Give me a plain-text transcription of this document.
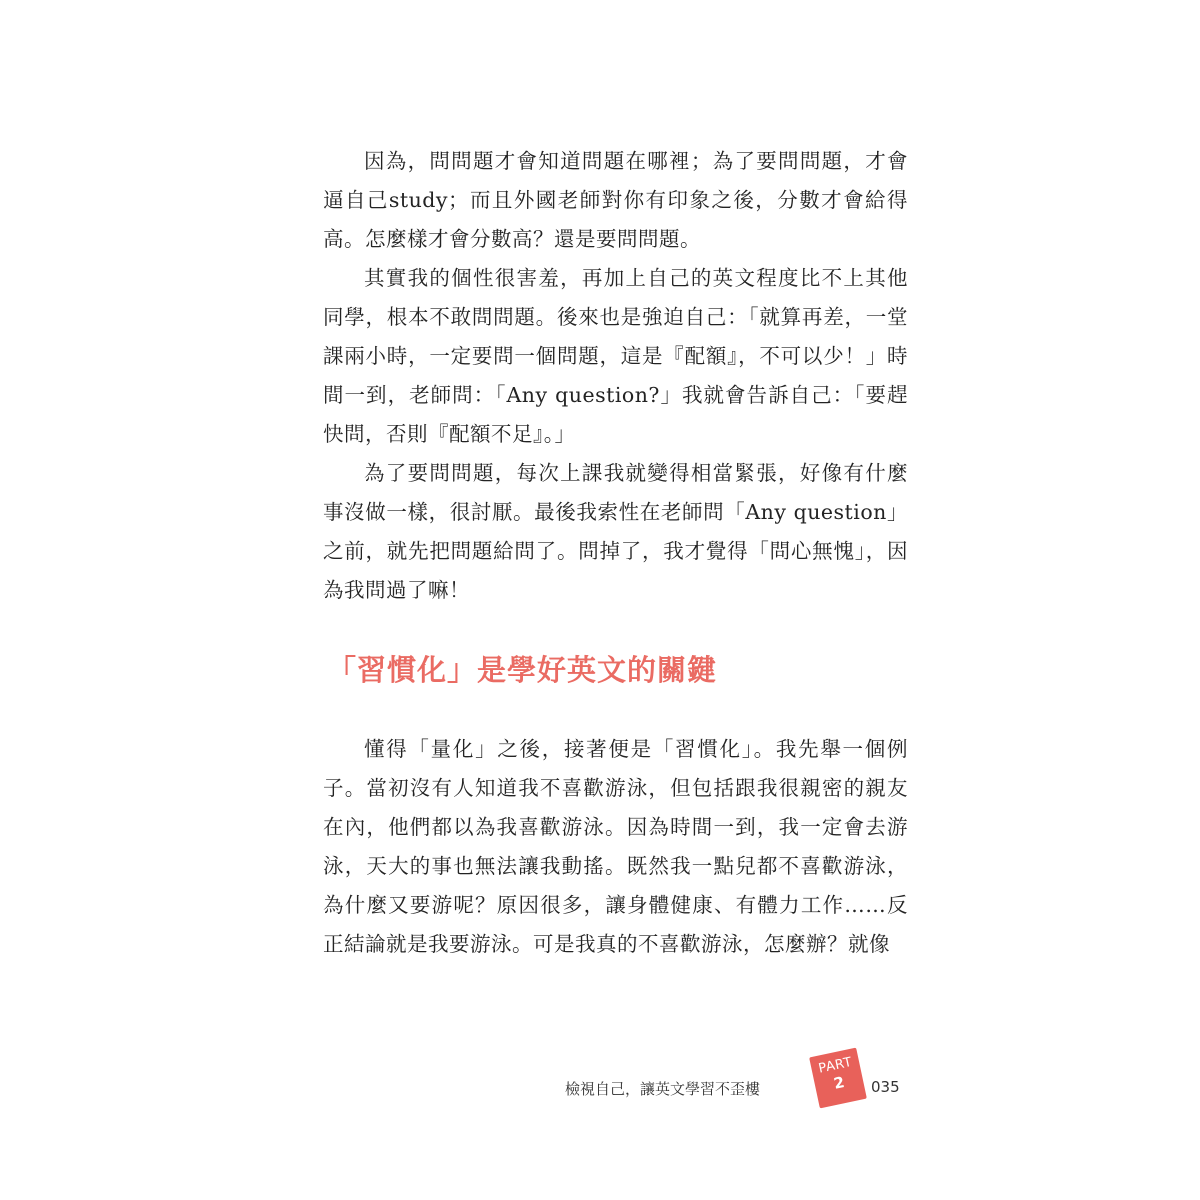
因為，問問題才會知道問題在哪裡；為了要問問題，才會逼自己study；而且外國老師對你有印象之後，分數才會給得高。怎麼樣才會分數高？還是要問問題。

其實我的個性很害羞，再加上自己的英文程度比不上其他同學，根本不敢問問題。後來也是強迫自己：「就算再差，一堂課兩小時，一定要問一個問題，這是『配額』，不可以少！」時間一到，老師問：「Any question?」我就會告訴自己：「要趕快問，否則『配額不足』。」

為了要問問題，每次上課我就變得相當緊張，好像有什麼事沒做一樣，很討厭。最後我索性在老師問「Any question」之前，就先把問題給問了。問掉了，我才覺得「問心無愧」，因為我問過了嘛！

「習慣化」是學好英文的關鍵

懂得「量化」之後，接著便是「習慣化」。我先舉一個例子。當初沒有人知道我不喜歡游泳，但包括跟我很親密的親友在內，他們都以為我喜歡游泳。因為時間一到，我一定會去游泳，天大的事也無法讓我動搖。既然我一點兒都不喜歡游泳，為什麼又要游呢？原因很多，讓身體健康、有體力工作……反正結論就是我要游泳。可是我真的不喜歡游泳，怎麼辦？就像

檢視自己，讓英文學習不歪樓
PART
2	035
